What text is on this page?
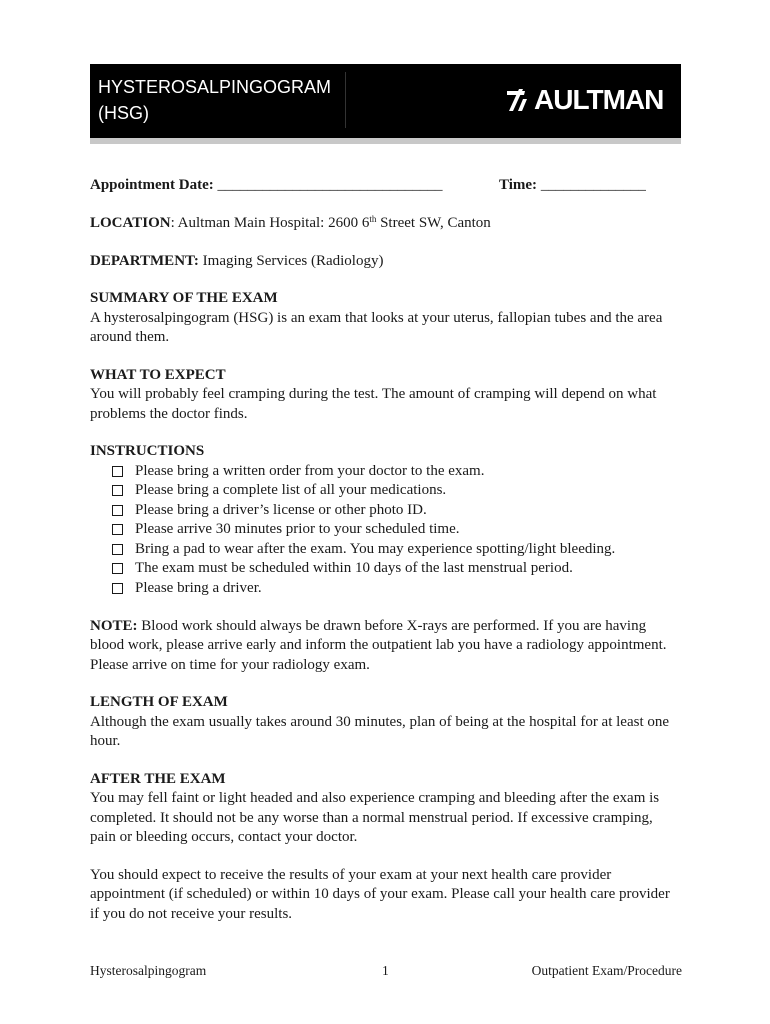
HYSTEROSALPINGOGRAM
(HSG)	AULTMAN
Appointment Date: ______________________________	Time: ______________

LOCATION: Aultman Main Hospital: 2600 6th Street SW, Canton

DEPARTMENT: Imaging Services (Radiology)

SUMMARY OF THE EXAM

A hysterosalpingogram (HSG) is an exam that looks at your uterus, fallopian tubes and the area around them.

WHAT TO EXPECT

You will probably feel cramping during the test. The amount of cramping will depend on what problems the doctor finds.

INSTRUCTIONS
Please bring a written order from your doctor to the exam.
Please bring a complete list of all your medications.
Please bring a driver’s license or other photo ID.
Please arrive 30 minutes prior to your scheduled time.
Bring a pad to wear after the exam. You may experience spotting/light bleeding.
The exam must be scheduled within 10 days of the last menstrual period.
Please bring a driver.

NOTE: Blood work should always be drawn before X-rays are performed. If you are having blood work, please arrive early and inform the outpatient lab you have a radiology appointment. Please arrive on time for your radiology exam.

LENGTH OF EXAM

Although the exam usually takes around 30 minutes, plan of being at the hospital for at least one hour.

AFTER THE EXAM

You may fell faint or light headed and also experience cramping and bleeding after the exam is completed. It should not be any worse than a normal menstrual period. If excessive cramping, pain or bleeding occurs, contact your doctor.

You should expect to receive the results of your exam at your next health care provider appointment (if scheduled) or within 10 days of your exam. Please call your health care provider if you do not receive your results.

Hysterosalpingogram	1	Outpatient Exam/Procedure
